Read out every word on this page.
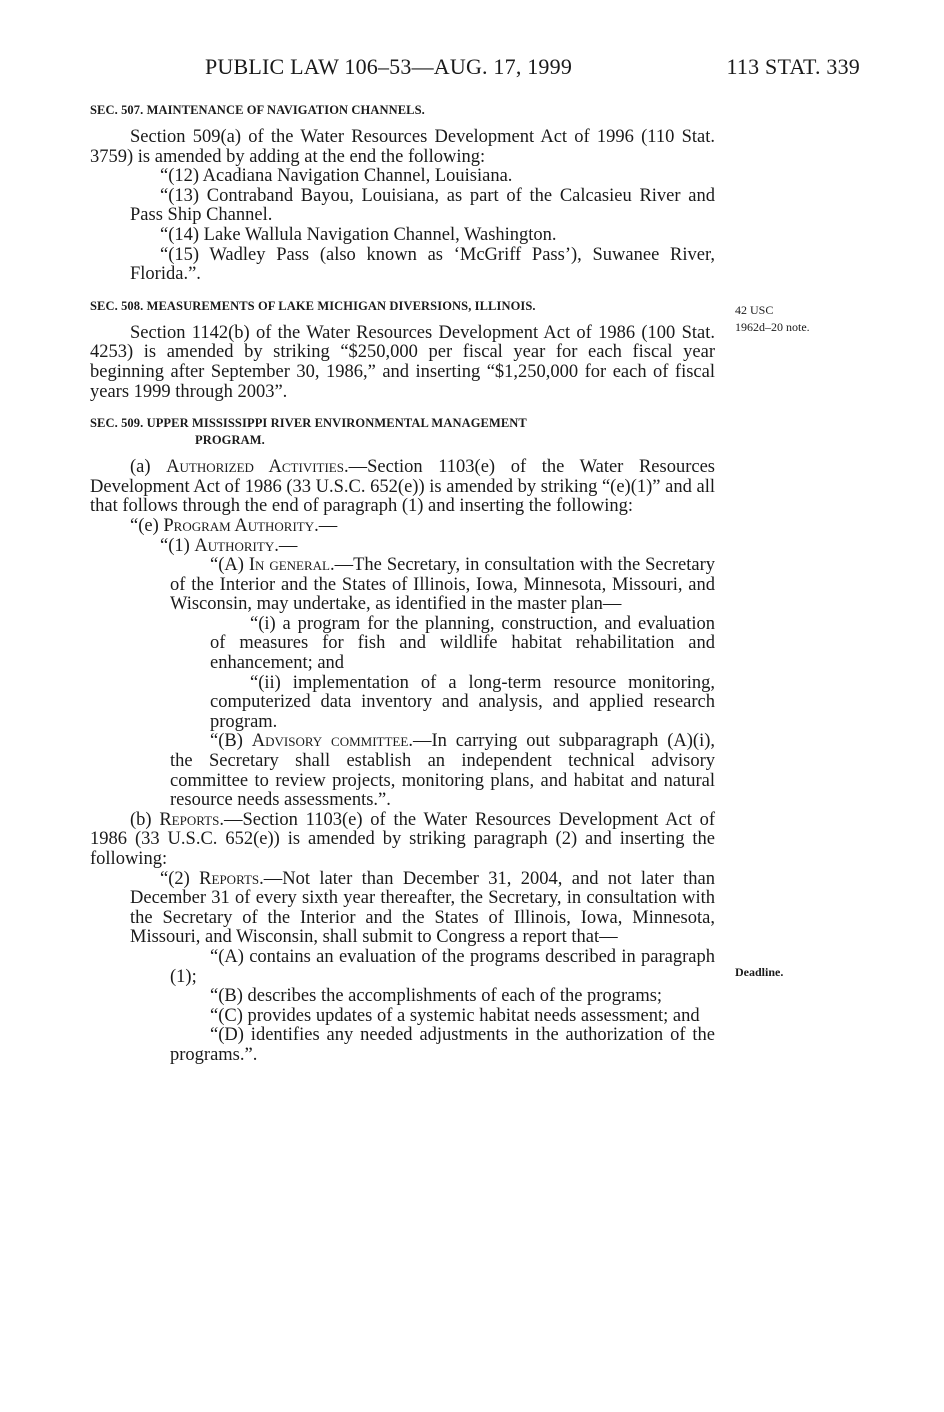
PUBLIC LAW 106–53—AUG. 17, 1999	113 STAT. 339
42 USC
1962d–20 note.
Deadline.
SEC. 507. MAINTENANCE OF NAVIGATION CHANNELS.

Section 509(a) of the Water Resources Development Act of 1996 (110 Stat. 3759) is amended by adding at the end the following:

“(12) Acadiana Navigation Channel, Louisiana.

“(13) Contraband Bayou, Louisiana, as part of the Calcasieu River and Pass Ship Channel.

“(14) Lake Wallula Navigation Channel, Washington.

“(15) Wadley Pass (also known as ‘McGriff Pass’), Suwanee River, Florida.”.

SEC. 508. MEASUREMENTS OF LAKE MICHIGAN DIVERSIONS, ILLINOIS.

Section 1142(b) of the Water Resources Development Act of 1986 (100 Stat. 4253) is amended by striking “$250,000 per fiscal year for each fiscal year beginning after September 30, 1986,” and inserting “$1,250,000 for each of fiscal years 1999 through 2003”.

SEC. 509. UPPER MISSISSIPPI RIVER ENVIRONMENTAL MANAGEMENT
PROGRAM.

(a) Authorized Activities.—Section 1103(e) of the Water Resources Development Act of 1986 (33 U.S.C. 652(e)) is amended by striking “(e)(1)” and all that follows through the end of paragraph (1) and inserting the following:

“(e) Program Authority.—

“(1) Authority.—

“(A) In general.—The Secretary, in consultation with the Secretary of the Interior and the States of Illinois, Iowa, Minnesota, Missouri, and Wisconsin, may undertake, as identified in the master plan—

“(i) a program for the planning, construction, and evaluation of measures for fish and wildlife habitat rehabilitation and enhancement; and

“(ii) implementation of a long-term resource monitoring, computerized data inventory and analysis, and applied research program.

“(B) Advisory committee.—In carrying out subparagraph (A)(i), the Secretary shall establish an independent technical advisory committee to review projects, monitoring plans, and habitat and natural resource needs assessments.”.

(b) Reports.—Section 1103(e) of the Water Resources Development Act of 1986 (33 U.S.C. 652(e)) is amended by striking paragraph (2) and inserting the following:

“(2) Reports.—Not later than December 31, 2004, and not later than December 31 of every sixth year thereafter, the Secretary, in consultation with the Secretary of the Interior and the States of Illinois, Iowa, Minnesota, Missouri, and Wisconsin, shall submit to Congress a report that—

“(A) contains an evaluation of the programs described in paragraph (1);

“(B) describes the accomplishments of each of the programs;

“(C) provides updates of a systemic habitat needs assessment; and

“(D) identifies any needed adjustments in the authorization of the programs.”.
